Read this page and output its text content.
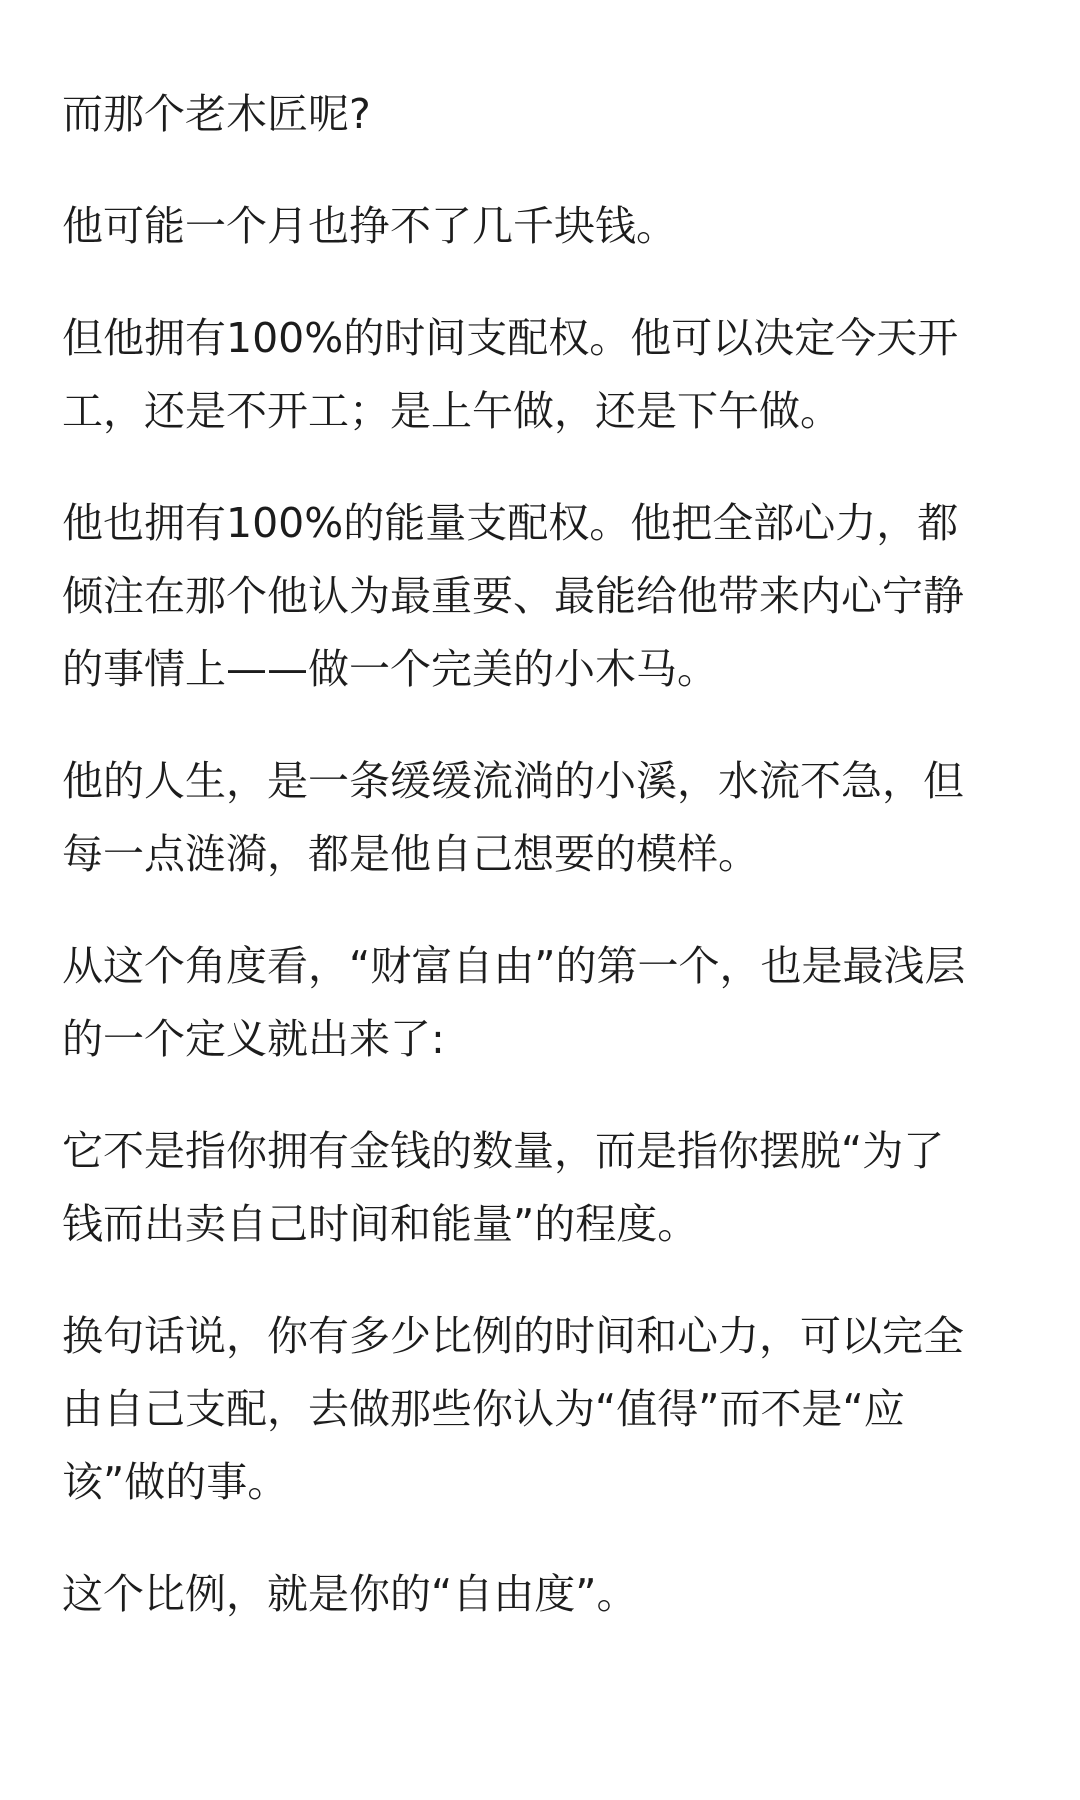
而那个老木匠呢?

他可能一个月也挣不了几千块钱。

但他拥有100%的时间支配权。他可以决定今天开
工，还是不开工；是上午做，还是下午做。

他也拥有100%的能量支配权。他把全部心力，都
倾注在那个他认为最重要、最能给他带来内心宁静
的事情上——做一个完美的小木马。

他的人生，是一条缓缓流淌的小溪，水流不急，但
每一点涟漪，都是他自己想要的模样。

从这个角度看，“财富自由”的第一个，也是最浅层
的一个定义就出来了:

它不是指你拥有金钱的数量，而是指你摆脱“为了
钱而出卖自己时间和能量”的程度。

换句话说，你有多少比例的时间和心力，可以完全
由自己支配，去做那些你认为“值得”而不是“应
该”做的事。

这个比例，就是你的“自由度”。
